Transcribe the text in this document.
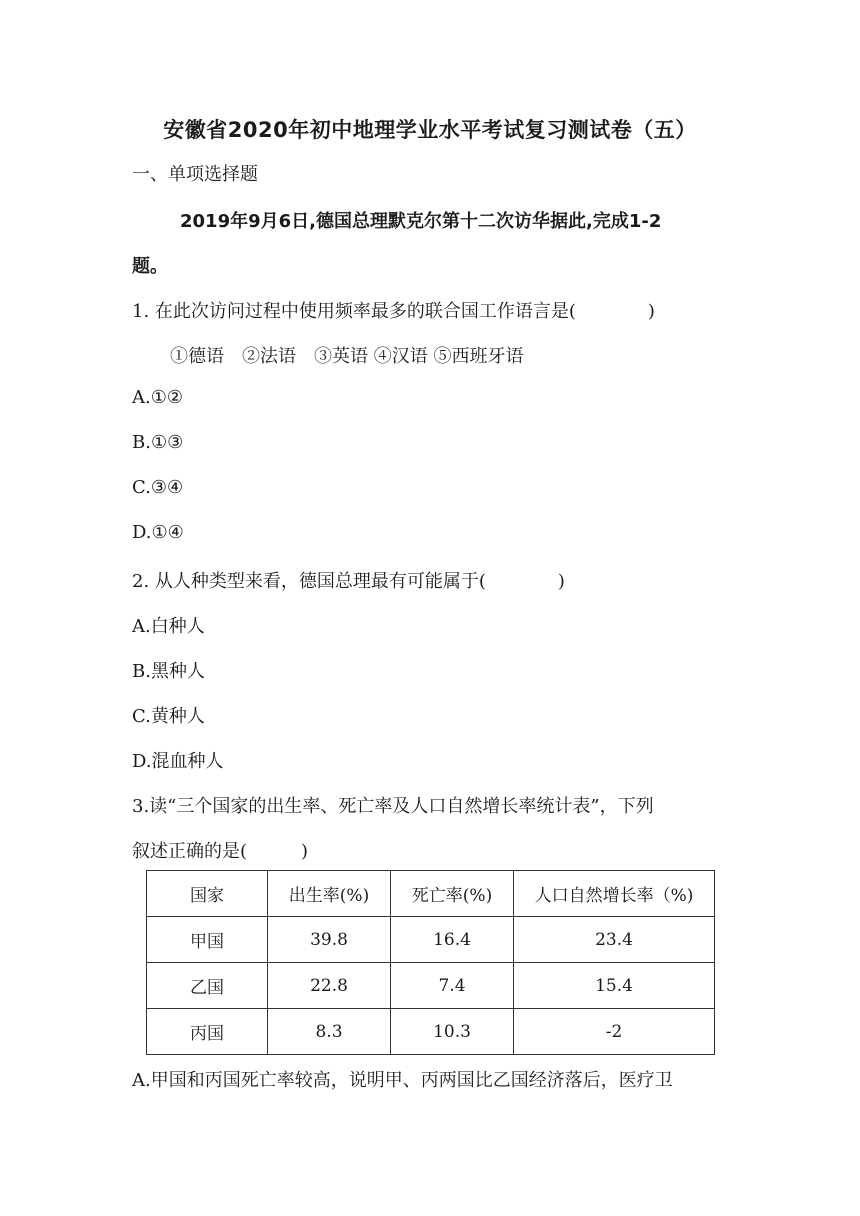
安徽省2020年初中地理学业水平考试复习测试卷（五）
一、单项选择题
2019年9月6日,德国总理默克尔第十二次访华据此,完成1-2
题。
1. 在此次访问过程中使用频率最多的联合国工作语言是(　　　　)
①德语　②法语　③英语 ④汉语 ⑤西班牙语
A.①②
B.①③
C.③④
D.①④
2. 从人种类型来看，德国总理最有可能属于(　　　　)
A.白种人
B.黑种人
C.黄种人
D.混血种人
3.读“三个国家的出生率、死亡率及人口自然增长率统计表”，下列
叙述正确的是(　　　)
国家	出生率(%)	死亡率(%)	人口自然增长率（%)
甲国	39.8	16.4	23.4
乙国	22.8	7.4	15.4
丙国	8.3	10.3	-2
A.甲国和丙国死亡率较高，说明甲、丙两国比乙国经济落后，医疗卫
